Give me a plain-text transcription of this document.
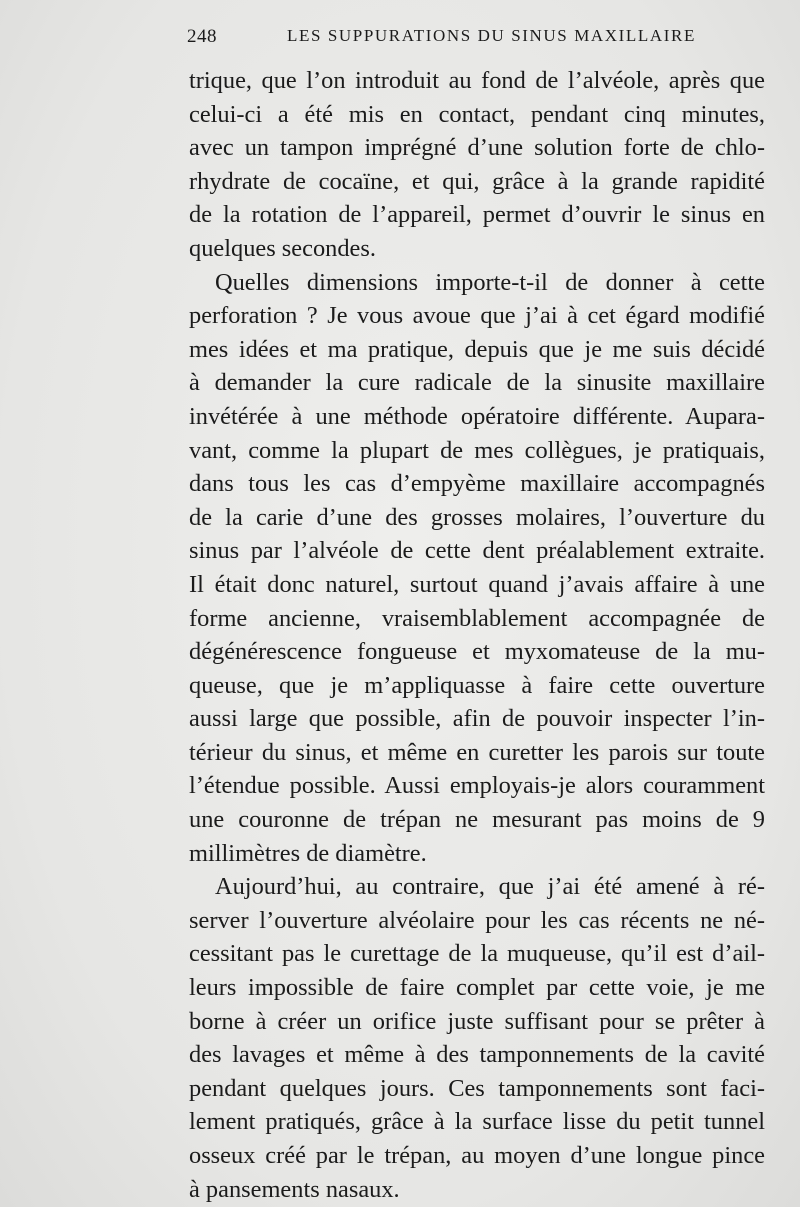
248	LES SUPPURATIONS DU SINUS MAXILLAIRE
trique, que l’on introduit au fond de l’alvéole, après que
celui-ci a été mis en contact, pendant cinq minutes,
avec un tampon imprégné d’une solution forte de chlo-
rhydrate de cocaïne, et qui, grâce à la grande rapidité
de la rotation de l’appareil, permet d’ouvrir le sinus en
quelques secondes.
Quelles dimensions importe-t-il de donner à cette
perforation ? Je vous avoue que j’ai à cet égard modifié
mes idées et ma pratique, depuis que je me suis décidé
à demander la cure radicale de la sinusite maxillaire
invétérée à une méthode opératoire différente. Aupara-
vant, comme la plupart de mes collègues, je pratiquais,
dans tous les cas d’empyème maxillaire accompagnés
de la carie d’une des grosses molaires, l’ouverture du
sinus par l’alvéole de cette dent préalablement extraite.
Il était donc naturel, surtout quand j’avais affaire à une
forme ancienne, vraisemblablement accompagnée de
dégénérescence fongueuse et myxomateuse de la mu-
queuse, que je m’appliquasse à faire cette ouverture
aussi large que possible, afin de pouvoir inspecter l’in-
térieur du sinus, et même en curetter les parois sur toute
l’étendue possible. Aussi employais-je alors couramment
une couronne de trépan ne mesurant pas moins de 9
millimètres de diamètre.
Aujourd’hui, au contraire, que j’ai été amené à ré-
server l’ouverture alvéolaire pour les cas récents ne né-
cessitant pas le curettage de la muqueuse, qu’il est d’ail-
leurs impossible de faire complet par cette voie, je me
borne à créer un orifice juste suffisant pour se prêter à
des lavages et même à des tamponnements de la cavité
pendant quelques jours. Ces tamponnements sont faci-
lement pratiqués, grâce à la surface lisse du petit tunnel
osseux créé par le trépan, au moyen d’une longue pince
à pansements nasaux.
